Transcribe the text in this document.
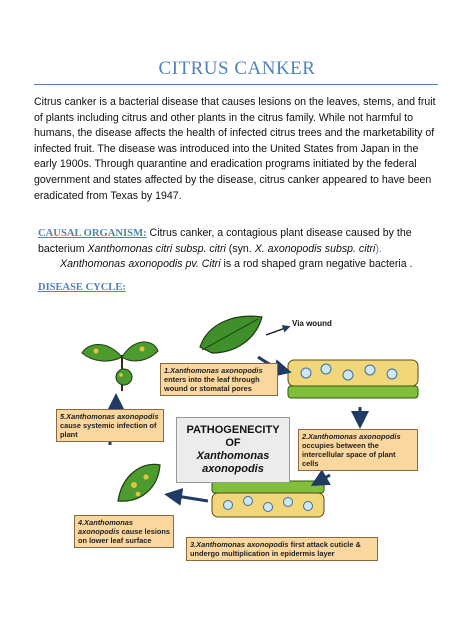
CITRUS CANKER
Citrus canker is a bacterial disease that causes lesions on the leaves, stems, and fruit of plants including citrus and other plants in the citrus family. While not harmful to humans, the disease affects the health of infected citrus trees and the marketability of infected fruit. The disease was introduced into the United States from Japan in the early 1900s. Through quarantine and eradication programs initiated by the federal government and states affected by the disease, citrus canker appeared to have been eradicated from Texas by 1947.
CAUSAL ORGANISM: Citrus canker, a contagious plant disease caused by the bacterium Xanthomonas citri subsp. citri (syn. X. axonopodis subsp. citri).
Xanthomonas axonopodis pv. Citri is a rod shaped gram negative bacteria .
DISEASE CYCLE:
Via wound
1.Xanthomonas axonopodis enters into the leaf through wound or stomatal pores
2.Xanthomonas axonopodis occupies between the intercellular space of plant cells
3.Xanthomonas axonopodis first attack cuticle & undergo multiplication in epidermis layer
4.Xanthomonas axonopodis cause lesions on lower leaf surface
5.Xanthomonas axonopodis cause systemic infection of plant	PATHOGENECITY OF
Xanthomonas
axonopodis
